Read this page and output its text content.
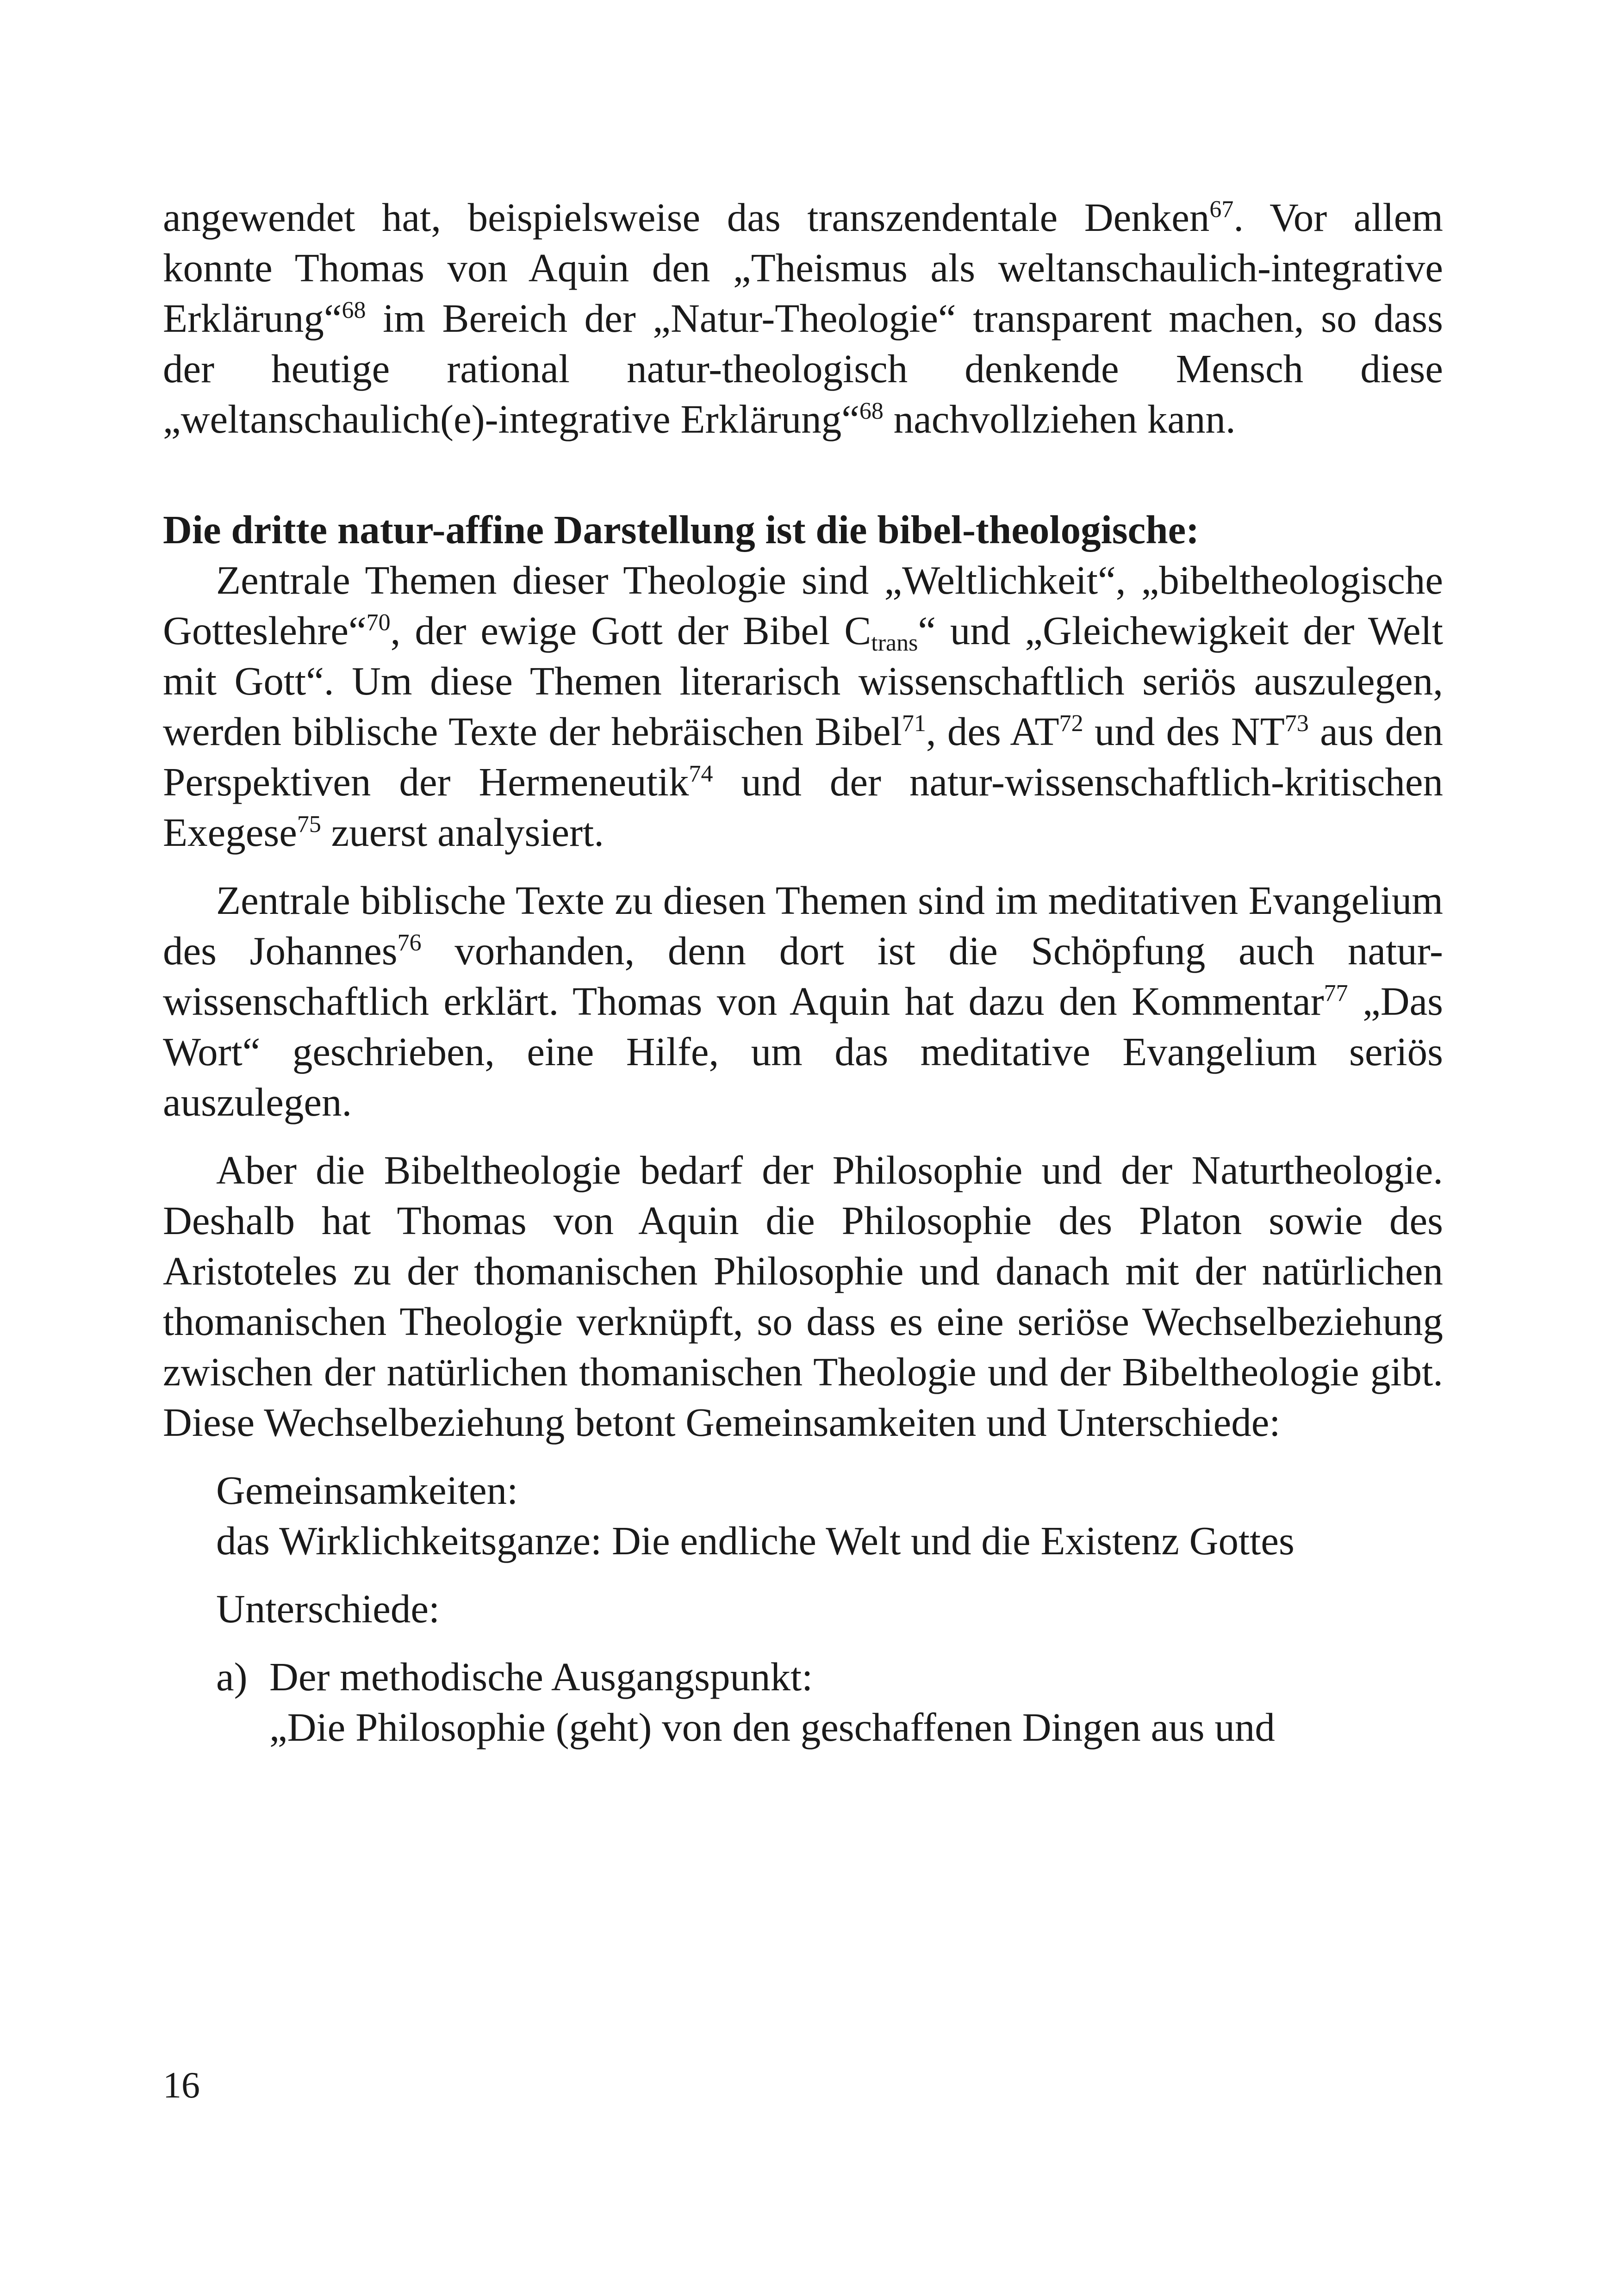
angewendet hat, beispielsweise das transzendentale Denken$^{67}$. Vor allem konnte Thomas von Aquin den „Theismus als weltanschaulich-integrative Erklärung“$^{68}$ im Bereich der „Natur-Theologie“ transparent machen, so dass der heutige rational natur-theologisch denkende Mensch diese „weltanschaulich(e)-integrative Erklärung“$^{68}$ nachvollziehen kann.

Die dritte natur-affine Darstellung ist die bibel-theologische:

Zentrale Themen dieser Theologie sind „Weltlichkeit“, „bibeltheologische Gotteslehre“$^{70}$, der ewige Gott der Bibel $C_{trans}“$ und „Gleichewigkeit der Welt mit Gott“. Um diese Themen literarisch wissenschaftlich seriös auszulegen, werden biblische Texte der hebräischen Bibel$^{71}$, des AT$^{72}$ und des NT$^{73}$ aus den Perspektiven der Hermeneutik$^{74}$ und der natur-wissenschaftlich-kritischen Exegese$^{75}$ zuerst analysiert.

Zentrale biblische Texte zu diesen Themen sind im meditativen Evangelium des Johannes$^{76}$ vorhanden, denn dort ist die Schöpfung auch natur-wissenschaftlich erklärt. Thomas von Aquin hat dazu den Kommentar$^{77}$ „Das Wort“ geschrieben, eine Hilfe, um das meditative Evangelium seriös auszulegen.

Aber die Bibeltheologie bedarf der Philosophie und der Naturtheologie. Deshalb hat Thomas von Aquin die Philosophie des Platon sowie des Aristoteles zu der thomanischen Philosophie und danach mit der natürlichen thomanischen Theologie verknüpft, so dass es eine seriöse Wechselbeziehung zwischen der natürlichen thomanischen Theologie und der Bibeltheologie gibt. Diese Wechselbeziehung betont Gemeinsamkeiten und Unterschiede:

Gemeinsamkeiten:
das Wirklichkeitsganze: Die endliche Welt und die Existenz Gottes
Unterschiede:
a) Der methodische Ausgangspunkt:
„Die Philosophie (geht) von den geschaffenen Dingen aus und
16
